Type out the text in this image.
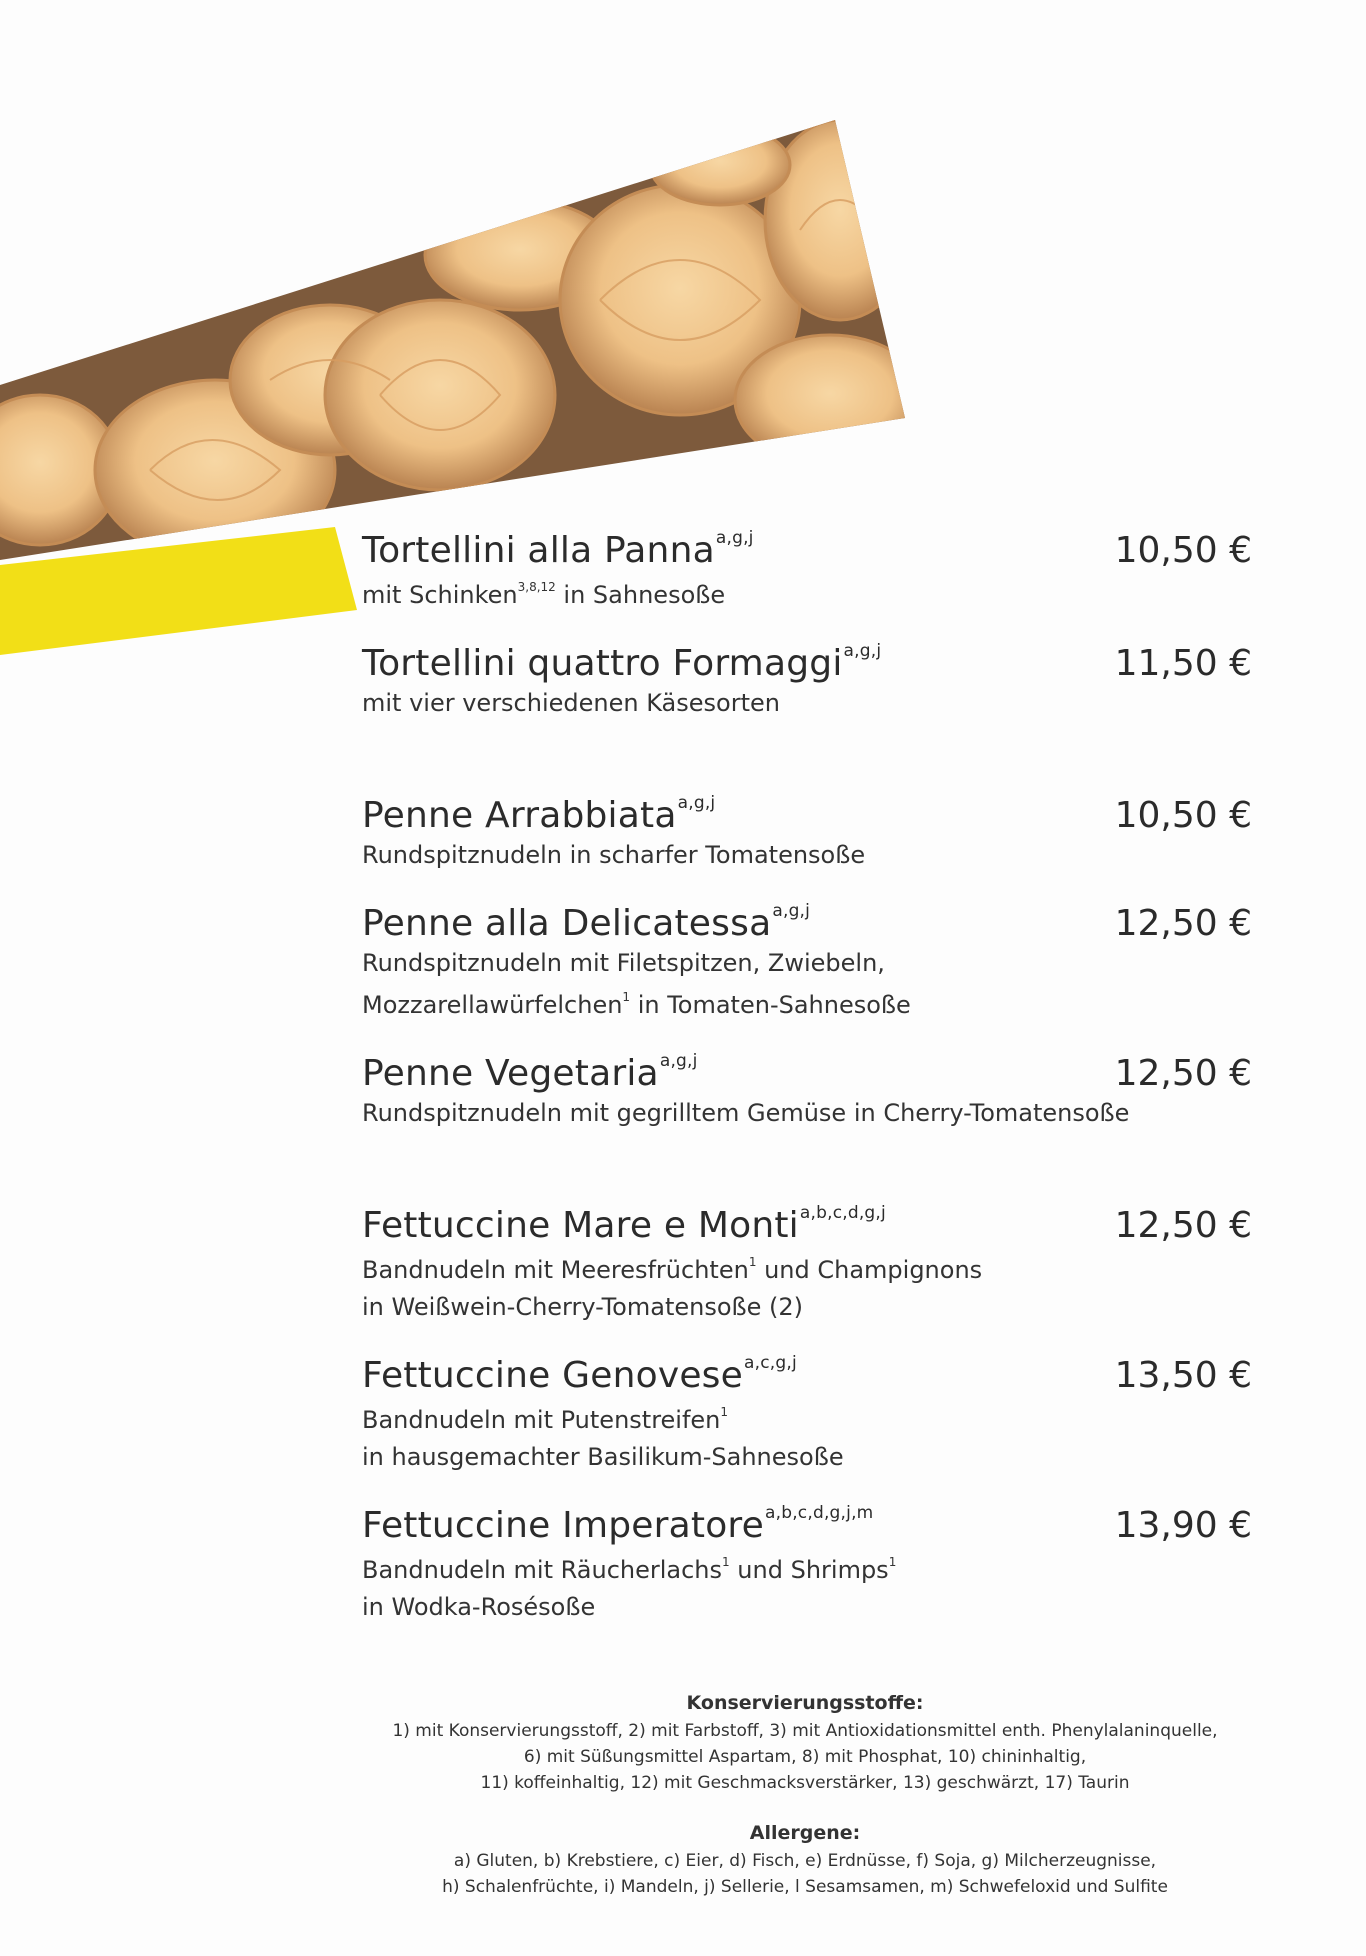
Tortellini alla Panna$^{a,g,j}$	10,50 €
mit Schinken$^{3,8,12}$ in Sahnesoße
Tortellini quattro Formaggi$^{a,g,j}$	11,50 €
mit vier verschiedenen Käsesorten
Penne Arrabbiata$^{a,g,j}$	10,50 €
Rundspitznudeln in scharfer Tomatensoße
Penne alla Delicatessa$^{a,g,j}$	12,50 €
Rundspitznudeln mit Filetspitzen, Zwiebeln,
Mozzarellawürfelchen$^1$ in Tomaten-Sahnesoße
Penne Vegetaria$^{a,g,j}$	12,50 €
Rundspitznudeln mit gegrilltem Gemüse in Cherry-Tomatensoße
Fettuccine Mare e Monti$^{a,b,c,d,g,j}$	12,50 €
Bandnudeln mit Meeresfrüchten$^1$ und Champignons
in Weißwein-Cherry-Tomatensoße (2)
Fettuccine Genovese$^{a,c,g,j}$	13,50 €
Bandnudeln mit Putenstreifen$^1$
in hausgemachter Basilikum-Sahnesoße
Fettuccine Imperatore$^{a,b,c,d,g,j,m}$	13,90 €
Bandnudeln mit Räucherlachs$^1$ und Shrimps$^1$
in Wodka-Rosésoße
Konservierungsstoffe:

1) mit Konservierungsstoff, 2) mit Farbstoff, 3) mit Antioxidationsmittel enth. Phenylalaninquelle,

6) mit Süßungsmittel Aspartam, 8) mit Phosphat, 10) chininhaltig,

11) koffeinhaltig, 12) mit Geschmacksverstärker, 13) geschwärzt, 17) Taurin

Allergene:

a) Gluten, b) Krebstiere, c) Eier, d) Fisch, e) Erdnüsse, f) Soja, g) Milcherzeugnisse,

h) Schalenfrüchte, i) Mandeln, j) Sellerie, l Sesamsamen, m) Schwefeloxid und Sulfite
